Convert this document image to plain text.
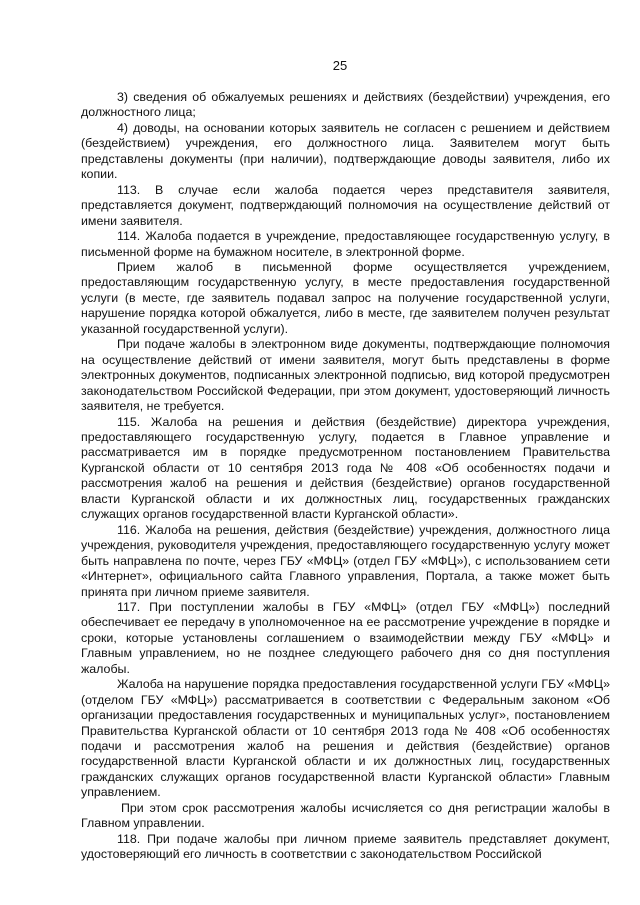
25

3) сведения об обжалуемых решениях и действиях (бездействии) учреждения, его должностного лица;

4) доводы, на основании которых заявитель не согласен с решением и действием (бездействием) учреждения, его должностного лица. Заявителем могут быть представлены документы (при наличии), подтверждающие доводы заявителя, либо их копии.

113. В случае если жалоба подается через представителя заявителя, представляется документ, подтверждающий полномочия на осуществление действий от имени заявителя.

114. Жалоба подается в учреждение, предоставляющее государственную услугу, в письменной форме на бумажном носителе, в электронной форме.

Прием жалоб в письменной форме осуществляется учреждением, предоставляющим государственную услугу, в месте предоставления государственной услуги (в месте, где заявитель подавал запрос на получение государственной услуги, нарушение порядка которой обжалуется, либо в месте, где заявителем получен результат указанной государственной услуги).

При подаче жалобы в электронном виде документы, подтверждающие полномочия на осуществление действий от имени заявителя, могут быть представлены в форме электронных документов, подписанных электронной подписью, вид которой предусмотрен законодательством Российской Федерации, при этом документ, удостоверяющий личность заявителя, не требуется.

115. Жалоба на решения и действия (бездействие) директора учреждения, предоставляющего государственную услугу, подается в Главное управление и рассматривается им в порядке предусмотренном постановлением Правительства Курганской области от 10 сентября 2013 года № 408 «Об особенностях подачи и рассмотрения жалоб на решения и действия (бездействие) органов государственной власти Курганской области и их должностных лиц, государственных гражданских служащих органов государственной власти Курганской области».

116. Жалоба на решения, действия (бездействие) учреждения, должностного лица учреждения, руководителя учреждения, предоставляющего государственную услугу может быть направлена по почте, через ГБУ «МФЦ» (отдел ГБУ «МФЦ»), с использованием сети «Интернет», официального сайта Главного управления, Портала, а также может быть принята при личном приеме заявителя.

117. При поступлении жалобы в ГБУ «МФЦ» (отдел ГБУ «МФЦ») последний обеспечивает ее передачу в уполномоченное на ее рассмотрение учреждение в порядке и сроки, которые установлены соглашением о взаимодействии между ГБУ «МФЦ» и Главным управлением, но не позднее следующего рабочего дня со дня поступления жалобы.

Жалоба на нарушение порядка предоставления государственной услуги ГБУ «МФЦ» (отделом ГБУ «МФЦ») рассматривается в соответствии с Федеральным законом «Об организации предоставления государственных и муниципальных услуг», постановлением Правительства Курганской области от 10 сентября 2013 года № 408 «Об особенностях подачи и рассмотрения жалоб на решения и действия (бездействие) органов государственной власти Курганской области и их должностных лиц, государственных гражданских служащих органов государственной власти Курганской области» Главным управлением.

При этом срок рассмотрения жалобы исчисляется со дня регистрации жалобы в Главном управлении.

118. При подаче жалобы при личном приеме заявитель представляет документ, удостоверяющий его личность в соответствии с законодательством Российской
